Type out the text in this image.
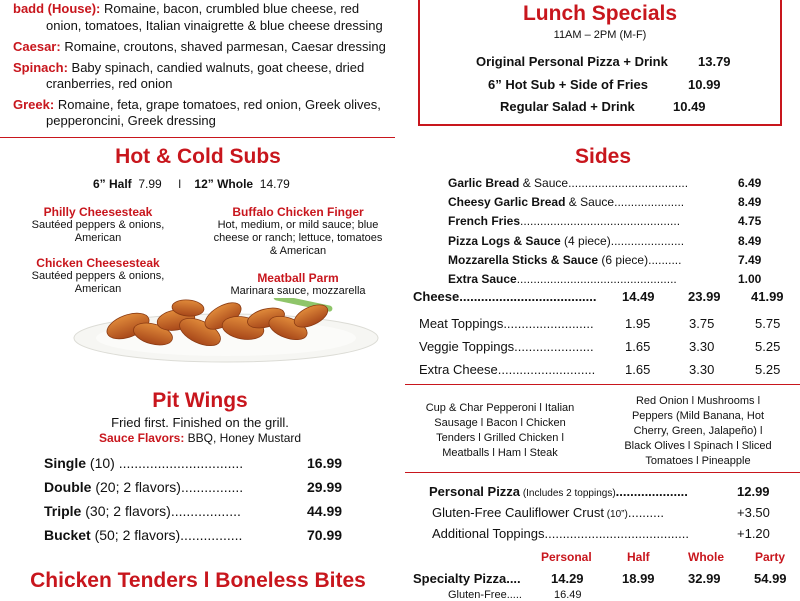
badd (House): Romaine, bacon, crumbled blue cheese, red
onion, tomatoes, Italian vinaigrette & blue cheese dressing
Caesar: Romaine, croutons, shaved parmesan, Caesar dressing
Spinach: Baby spinach, candied walnuts, goat cheese, dried
cranberries, red onion
Greek: Romaine, feta, grape tomatoes, red onion, Greek olives,
pepperoncini, Greek dressing
Lunch Specials
11AM – 2PM (M-F)
Original Personal Pizza + Drink 13.79
6” Hot Sub + Side of Fries	10.99
Regular Salad + Drink	10.49
Hot & Cold Subs
6” Half 7.99 l 12” Whole 14.79
Philly Cheesesteak
Sautéed peppers & onions, American
Chicken Cheesesteak
Sautéed peppers & onions, American
Buffalo Chicken Finger
Hot, medium, or mild sauce; blue cheese or ranch; lettuce, tomatoes & American
Meatball Parm
Marinara sauce, mozzarella
Pit Wings
Fried first. Finished on the grill.
Sauce Flavors: BBQ, Honey Mustard
Single (10) ................................	16.99
Double (20; 2 flavors)................	29.99
Triple (30; 2 flavors)..................	44.99
Bucket (50; 2 flavors)................	70.99
Chicken Tenders l Boneless Bites
Sides
Garlic Bread & Sauce....................................	6.49
Cheesy Garlic Bread & Sauce.....................	8.49
French Fries................................................	4.75
Pizza Logs & Sauce (4 piece)......................	8.49
Mozzarella Sticks & Sauce (6 piece)..........	7.49
Extra Sauce................................................	1.00
Cheese...................................... 14.49	23.99 41.99
Meat Toppings......................... 1.95	3.75	5.75
Veggie Toppings...................... 1.65	3.30	5.25
Extra Cheese........................... 1.65	3.30	5.25
Cup & Char Pepperoni l Italian
Sausage l Bacon l Chicken
Tenders l Grilled Chicken l
Meatballs l Ham l Steak
Red Onion l Mushrooms l
Peppers (Mild Banana, Hot
Cherry, Green, Jalapeño) l
Black Olives l Spinach l Sliced
Tomatoes l Pineapple
Personal Pizza (Includes 2 toppings)....................	12.99
Gluten-Free Cauliflower Crust (10”)..........	+3.50
Additional Toppings........................................	+1.20
Personal	Half	Whole	Party
Specialty Pizza.... 14.29	18.99	32.99	54.99
Gluten-Free.....	16.49
